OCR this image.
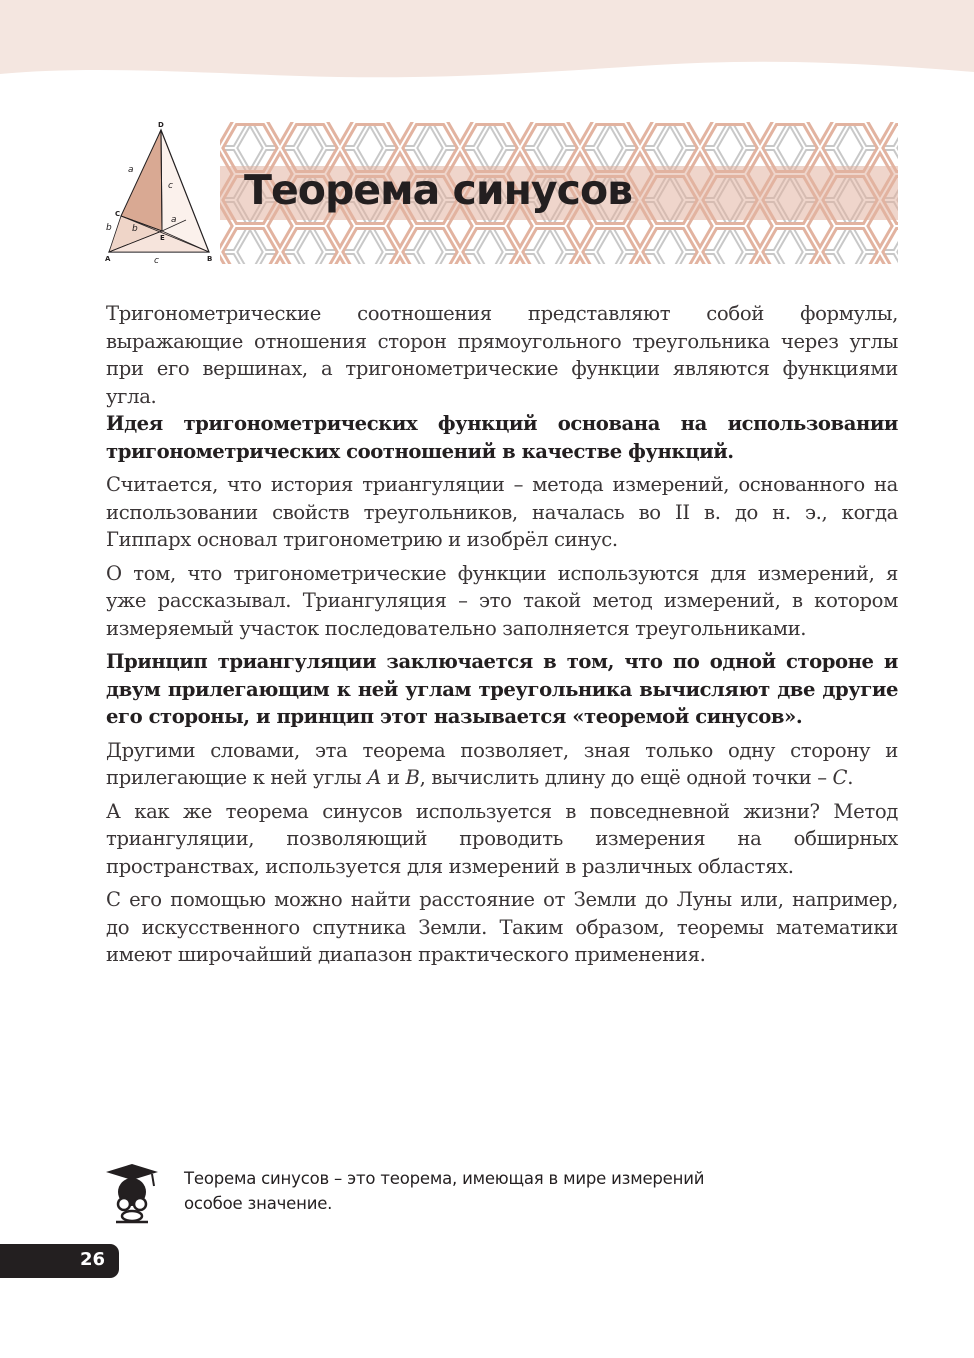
D
a
c
C
a
b b
E
A	c	B
Теорема синусов

Тригонометрические соотношения представляют собой формулы, выражающие отношения сторон прямоугольного треугольника через углы при его вершинах, а тригонометрические функции являются функциями угла.
Идея тригонометрических функций основана на использовании тригонометрических соотношений в качестве функций.

Считается, что история триангуляции – метода измерений, основанного на использовании свойств треугольников, началась во II в. до н. э., когда Гиппарх основал тригонометрию и изобрёл синус.

О том, что тригонометрические функции используются для измерений, я уже рассказывал. Триангуляция – это такой метод измерений, в котором измеряемый участок последовательно заполняется треугольниками.

Принцип триангуляции заключается в том, что по одной стороне и двум прилегающим к ней углам треугольника вычисляют две другие его стороны, и принцип этот называется «теоремой синусов».

Другими словами, эта теорема позволяет, зная только одну сторону и прилегающие к ней углы A и B, вычислить длину до ещё одной точки – C.

А как же теорема синусов используется в повседневной жизни? Метод триангуляции, позволяющий проводить измерения на обширных пространствах, используется для измерений в различных областях.

С его помощью можно найти расстояние от Земли до Луны или, например, до искусственного спутника Земли. Таким образом, теоремы математики имеют широчайший диапазон практического применения.

Теорема синусов – это теорема, имеющая в мире измерений
особое значение.
26
